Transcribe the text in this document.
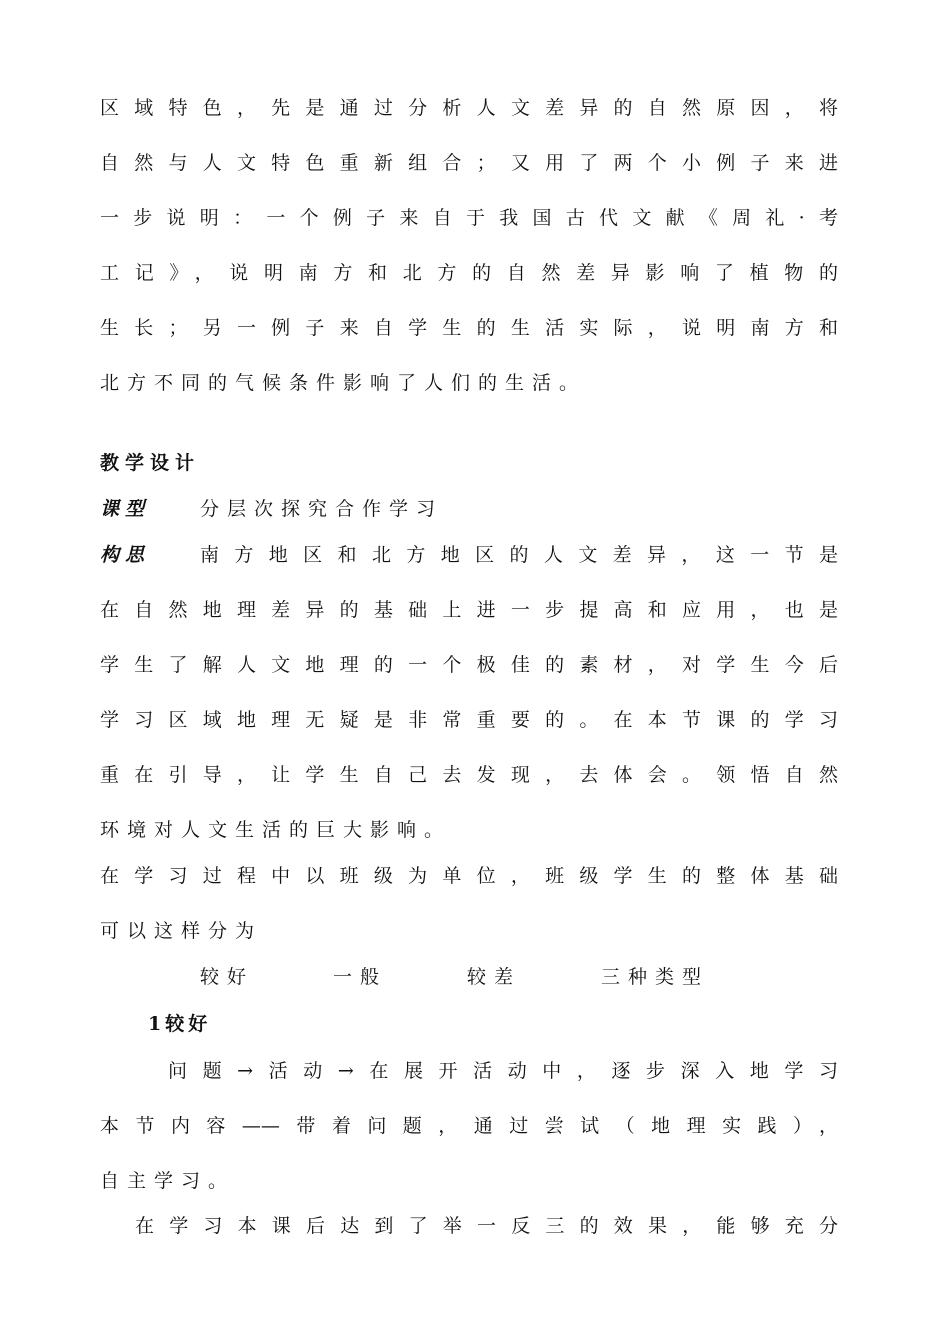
区域特色，先是通过分析人文差异的自然原因，将
自然与人文特色重新组合；又用了两个小例子来进
一步说明：一个例子来自于我国古代文献《周礼·考
工记》，说明南方和北方的自然差异影响了植物的
生长；另一例子来自学生的生活实际，说明南方和
北方不同的气候条件影响了人们的生活。
教学设计
课型	分层次探究合作学习
构思	南方地区和北方地区的人文差异，这一节是
在自然地理差异的基础上进一步提高和应用，也是
学生了解人文地理的一个极佳的素材，对学生今后
学习区域地理无疑是非常重要的。在本节课的学习
重在引导，让学生自己去发现，去体会。领悟自然
环境对人文生活的巨大影响。
在学习过程中以班级为单位，班级学生的整体基础
可以这样分为
较好	一般	较差	三种类型
1较好
问题→活动→在展开活动中，逐步深入地学习
本节内容——带着问题，通过尝试（地理实践），
自主学习。
在学习本课后达到了举一反三的效果，能够充分
